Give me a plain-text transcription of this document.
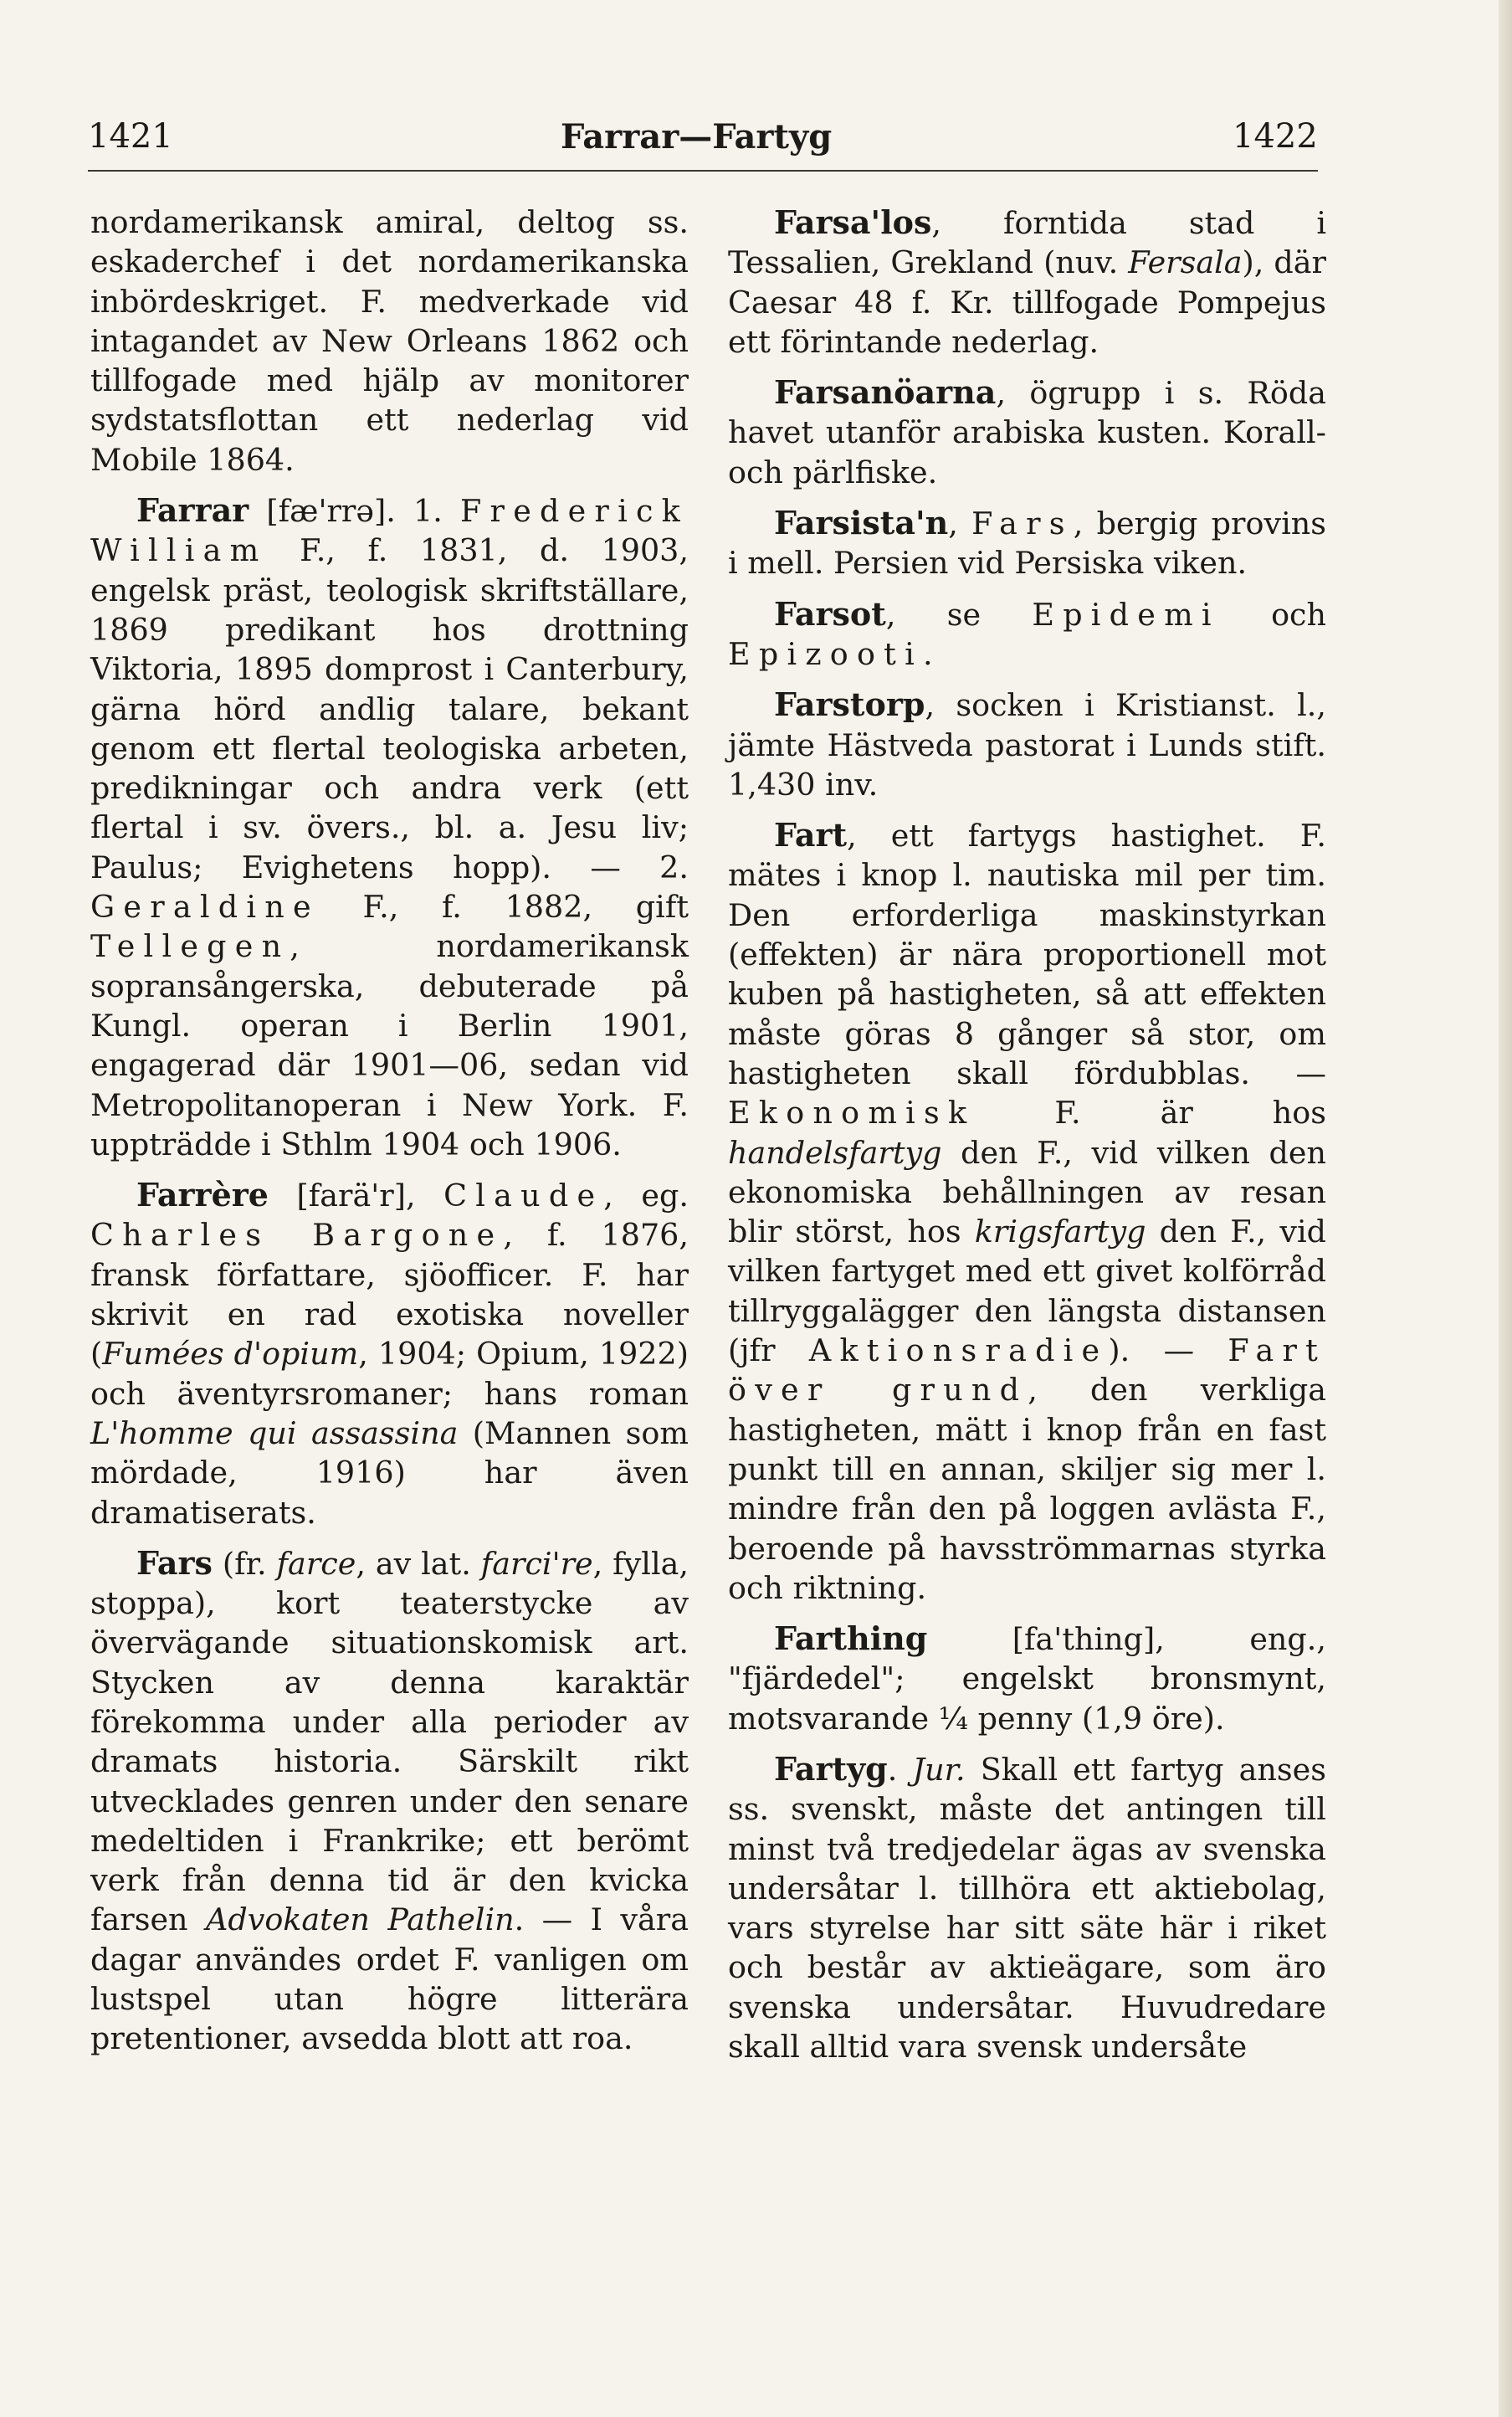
1421	Farrar—Fartyg	1422

nordamerikansk amiral, deltog ss. eskaderchef i det nordamerikanska inbördeskriget. F. medverkade vid intagandet av New Orleans 1862 och tillfogade med hjälp av monitorer sydstatsflottan ett nederlag vid Mobile 1864.

Farrar [fæ'rrə]. 1. Frederick William F., f. 1831, d. 1903, engelsk präst, teologisk skriftställare, 1869 predikant hos drottning Viktoria, 1895 domprost i Canterbury, gärna hörd andlig talare, bekant genom ett flertal teologiska arbeten, predikningar och andra verk (ett flertal i sv. övers., bl. a. Jesu liv; Paulus; Evighetens hopp). — 2. Geraldine F., f. 1882, gift Tellegen, nordamerikansk sopransångerska, debuterade på Kungl. operan i Berlin 1901, engagerad där 1901—06, sedan vid Metropolitanoperan i New York. F. uppträdde i Sthlm 1904 och 1906.

Farrère [farä'r], Claude, eg. Charles Bargone, f. 1876, fransk författare, sjöofficer. F. har skrivit en rad exotiska noveller (Fumées d'opium, 1904; Opium, 1922) och äventyrsromaner; hans roman L'homme qui assassina (Mannen som mördade, 1916) har även dramatiserats.

Fars (fr. farce, av lat. farci're, fylla, stoppa), kort teaterstycke av övervägande situationskomisk art. Stycken av denna karaktär förekomma under alla perioder av dramats historia. Särskilt rikt utvecklades genren under den senare medeltiden i Frankrike; ett berömt verk från denna tid är den kvicka farsen Advokaten Pathelin. — I våra dagar användes ordet F. vanligen om lustspel utan högre litterära pretentioner, avsedda blott att roa.

Farsa'los, forntida stad i Tessalien, Grekland (nuv. Fersala), där Caesar 48 f. Kr. tillfogade Pompejus ett förintande nederlag.

Farsanöarna, ögrupp i s. Röda havet utanför arabiska kusten. Korall- och pärlfiske.

Farsista'n, Fars, bergig provins i mell. Persien vid Persiska viken.

Farsot, se Epidemi och Epizooti.

Farstorp, socken i Kristianst. l., jämte Hästveda pastorat i Lunds stift. 1,430 inv.

Fart, ett fartygs hastighet. F. mätes i knop l. nautiska mil per tim. Den erforderliga maskinstyrkan (effekten) är nära proportionell mot kuben på hastigheten, så att effekten måste göras 8 gånger så stor, om hastigheten skall fördubblas. — Ekonomisk F. är hos handelsfartyg den F., vid vilken den ekonomiska behållningen av resan blir störst, hos krigsfartyg den F., vid vilken fartyget med ett givet kolförråd tillryggalägger den längsta distansen (jfr Aktionsradie). — Fart över grund, den verkliga hastigheten, mätt i knop från en fast punkt till en annan, skiljer sig mer l. mindre från den på loggen avlästa F., beroende på havsströmmarnas styrka och riktning.

Farthing [fa'thing], eng., "fjärdedel"; engelskt bronsmynt, motsvarande ¼ penny (1,9 öre).

Fartyg. Jur. Skall ett fartyg anses ss. svenskt, måste det antingen till minst två tredjedelar ägas av svenska undersåtar l. tillhöra ett aktiebolag, vars styrelse har sitt säte här i riket och består av aktieägare, som äro svenska undersåtar. Huvudredare skall alltid vara svensk undersåte
